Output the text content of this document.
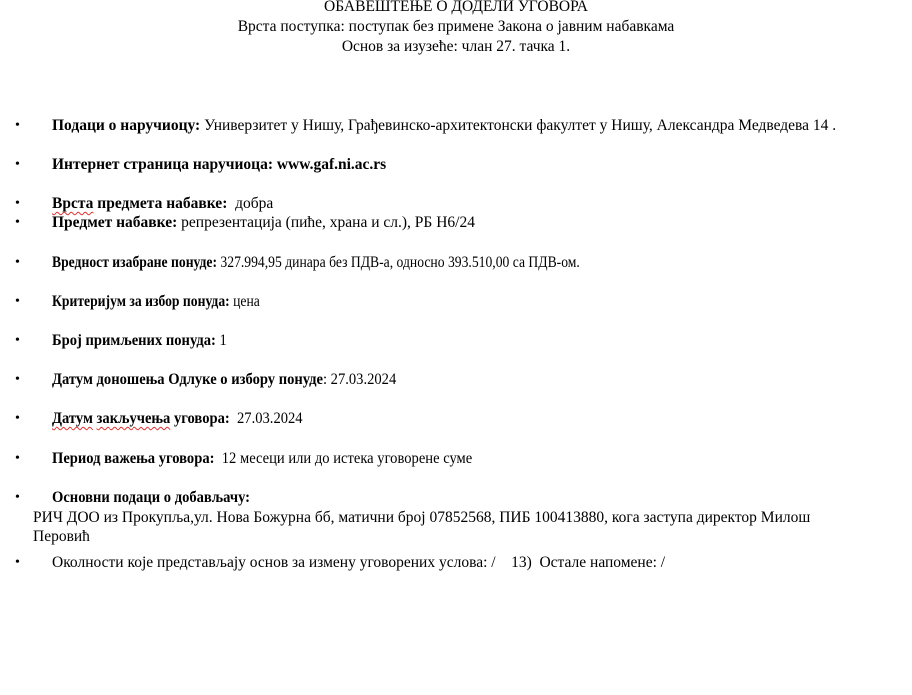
ОБАВЕШТЕЊЕ О ДОДЕЛИ УГОВОРА
Врста поступка: поступак без примене Закона о јавним набавкама
Основ за изузеће: члан 27. тачка 1.
• Подаци о наручиоцу: Универзитет у Нишу, Грађевинско-архитектонски факултет у Нишу, Александра Медведева 14 .
• Интернет страница наручиоца: www.gaf.ni.ac.rs
• Врста предмета набавке:  добра
• Предмет набавке: репрезентација (пиће, храна и сл.), РБ Н6/24
• Вредност изабране понуде: 327.994,95 динара без ПДВ-а, односно 393.510,00 са ПДВ-ом.
• Критеријум за избор понуда: цена
• Број примљених понуда: 1
• Датум доношења Одлуке о избору понуде: 27.03.2024
• Датум закључења уговора:  27.03.2024
• Период важења уговора:  12 месеци или до истека уговорене суме
• Основни подаци о добављачу:
РИЧ ДОО из Прокупља,ул. Нова Божурна бб, матични број 07852568, ПИБ 100413880, кога заступа директор Милош
Перовић
• Околности које представљају основ за измену уговорених услова: /    13)  Остале напомене: /
